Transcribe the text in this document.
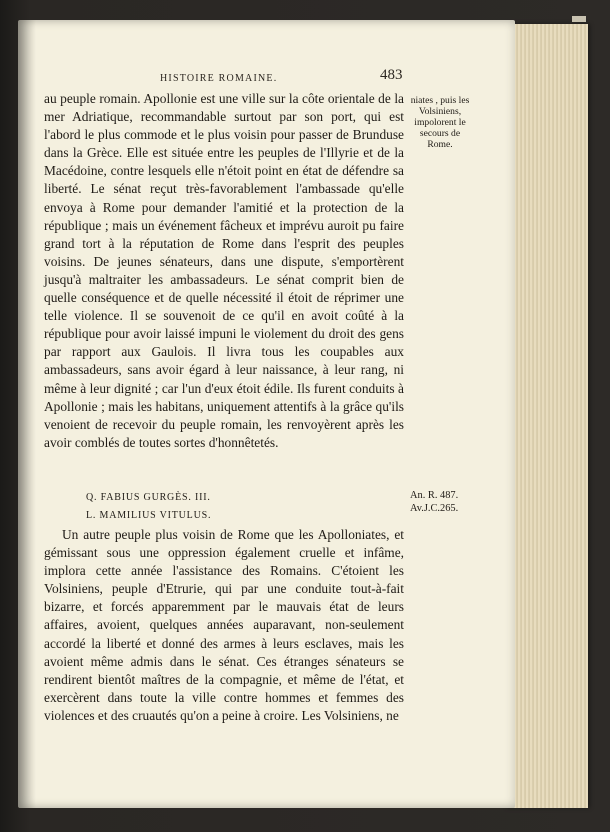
HISTOIRE ROMAINE.	483

au peuple romain. Apollonie est une ville sur la côte orientale de la mer Adriatique, recommandable surtout par son port, qui est l'abord le plus commode et le plus voisin pour passer de Brunduse dans la Grèce. Elle est située entre les peuples de l'Illyrie et de la Macédoine, contre lesquels elle n'étoit point en état de défendre sa liberté. Le sénat reçut très-favorablement l'ambassade qu'elle envoya à Rome pour demander l'amitié et la protection de la république ; mais un événement fâcheux et imprévu auroit pu faire grand tort à la réputation de Rome dans l'esprit des peuples voisins. De jeunes sénateurs, dans une dispute, s'emportèrent jusqu'à maltraiter les ambassadeurs. Le sénat comprit bien de quelle conséquence et de quelle nécessité il étoit de réprimer une telle violence. Il se souvenoit de ce qu'il en avoit coûté à la république pour avoir laissé impuni le violement du droit des gens par rapport aux Gaulois. Il livra tous les coupables aux ambassadeurs, sans avoir égard à leur naissance, à leur rang, ni même à leur dignité ; car l'un d'eux étoit édile. Ils furent conduits à Apollonie ; mais les habitans, uniquement attentifs à la grâce qu'ils venoient de recevoir du peuple romain, les renvoyèrent après les avoir comblés de toutes sortes d'honnêtetés.

niates , puis les Volsiniens, impolorent le secours de Rome.
Q. FABIUS GURGÈS. III.
L. MAMILIUS VITULUS.
An. R. 487.
Av.J.C.265.

Un autre peuple plus voisin de Rome que les Apolloniates, et gémissant sous une oppression également cruelle et infâme, implora cette année l'assistance des Romains. C'étoient les Volsiniens, peuple d'Etrurie, qui par une conduite tout-à-fait bizarre, et forcés apparemment par le mauvais état de leurs affaires, avoient, quelques années auparavant, non-seulement accordé la liberté et donné des armes à leurs esclaves, mais les avoient même admis dans le sénat. Ces étranges sénateurs se rendirent bientôt maîtres de la compagnie, et même de l'état, et exercèrent dans toute la ville contre hommes et femmes des violences et des cruautés qu'on a peine à croire. Les Volsiniens, ne
